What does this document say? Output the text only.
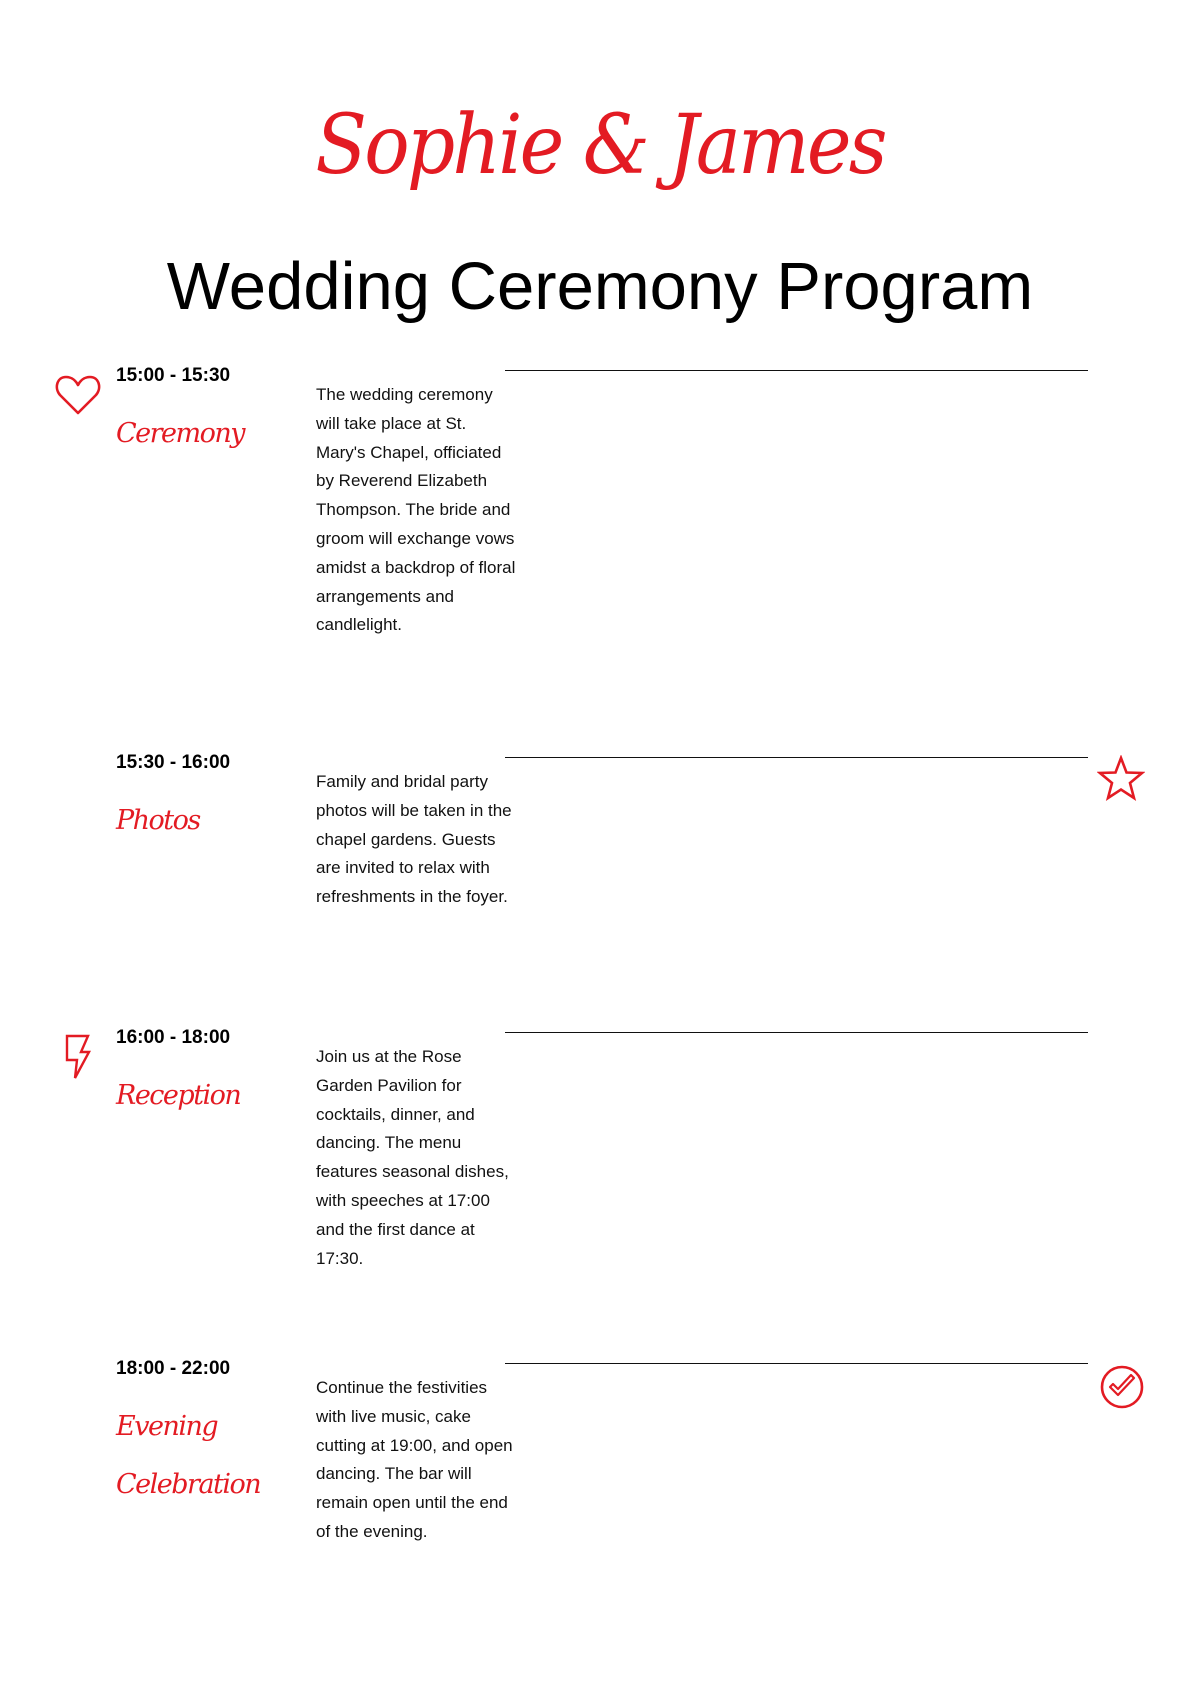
Sophie & James
Wedding Ceremony Program
15:00 - 15:30
Ceremony

The wedding ceremony will take place at St. Mary's Chapel, officiated by Reverend Elizabeth Thompson. The bride and groom will exchange vows amidst a backdrop of floral arrangements and candlelight.

15:30 - 16:00
Photos

Family and bridal party photos will be taken in the chapel gardens. Guests are invited to relax with refreshments in the foyer.

16:00 - 18:00
Reception

Join us at the Rose Garden Pavilion for cocktails, dinner, and dancing. The menu features seasonal dishes, with speeches at 17:00 and the first dance at 17:30.

18:00 - 22:00
Evening Celebration

Continue the festivities with live music, cake cutting at 19:00, and open dancing. The bar will remain open until the end of the evening.
